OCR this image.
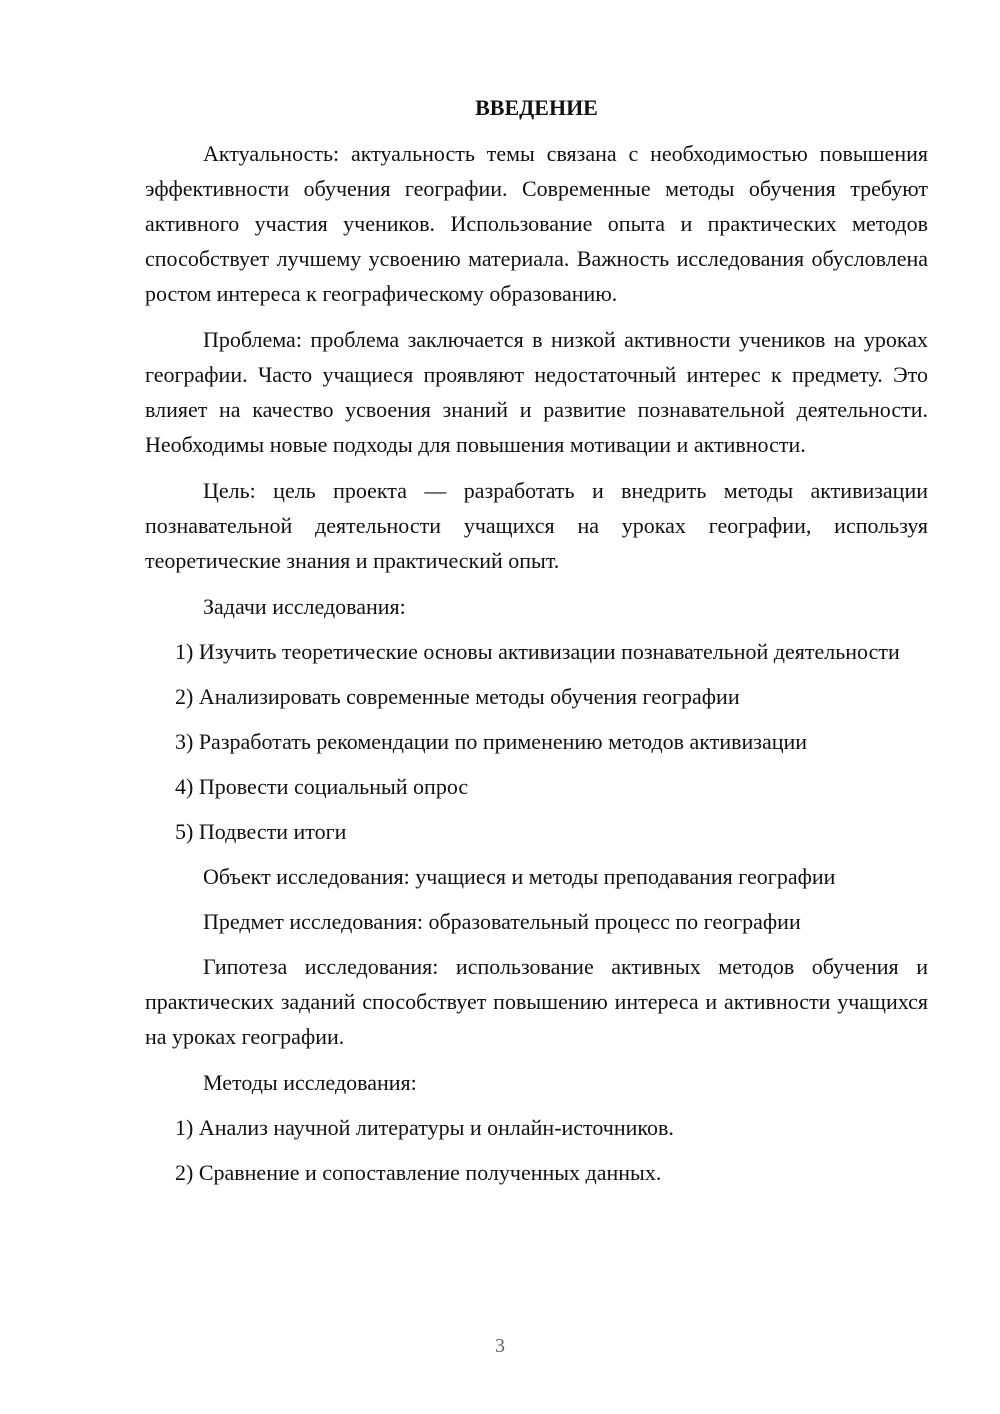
ВВЕДЕНИЕ

Актуальность: актуальность темы связана с необходимостью повышения эффективности обучения географии. Современные методы обучения требуют активного участия учеников. Использование опыта и практических методов способствует лучшему усвоению материала. Важность исследования обусловлена ростом интереса к географическому образованию.

Проблема: проблема заключается в низкой активности учеников на уроках географии. Часто учащиеся проявляют недостаточный интерес к предмету. Это влияет на качество усвоения знаний и развитие познавательной деятельности. Необходимы новые подходы для повышения мотивации и активности.

Цель: цель проекта — разработать и внедрить методы активизации познавательной деятельности учащихся на уроках географии, используя теоретические знания и практический опыт.

Задачи исследования:

1) Изучить теоретические основы активизации познавательной деятельности

2) Анализировать современные методы обучения географии

3) Разработать рекомендации по применению методов активизации

4) Провести социальный опрос

5) Подвести итоги

Объект исследования: учащиеся и методы преподавания географии

Предмет исследования: образовательный процесс по географии

Гипотеза исследования: использование активных методов обучения и практических заданий способствует повышению интереса и активности учащихся на уроках географии.

Методы исследования:

1) Анализ научной литературы и онлайн-источников.

2) Сравнение и сопоставление полученных данных.

3
